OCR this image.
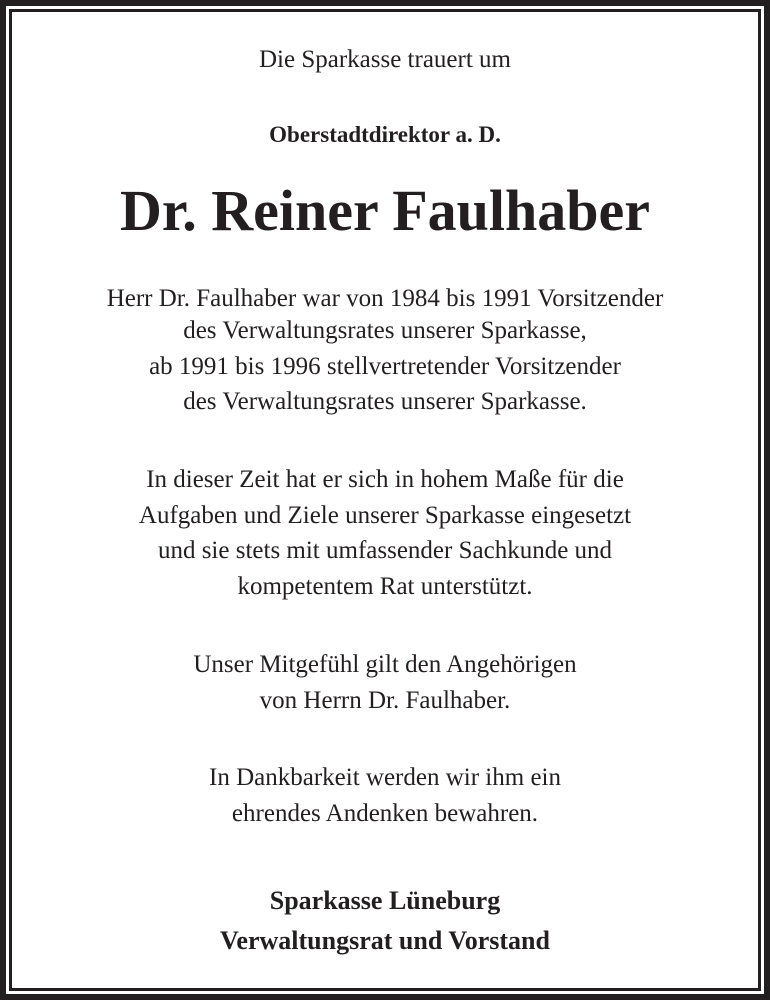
Die Sparkasse trauert um
Oberstadtdirektor a. D.
Dr. Reiner Faulhaber
Herr Dr. Faulhaber war von 1984 bis 1991 Vorsitzender
des Verwaltungsrates unserer Sparkasse,
ab 1991 bis 1996 stellvertretender Vorsitzender
des Verwaltungsrates unserer Sparkasse.
In dieser Zeit hat er sich in hohem Maße für die
Aufgaben und Ziele unserer Sparkasse eingesetzt
und sie stets mit umfassender Sachkunde und
kompetentem Rat unterstützt.
Unser Mitgefühl gilt den Angehörigen
von Herrn Dr. Faulhaber.
In Dankbarkeit werden wir ihm ein
ehrendes Andenken bewahren.
Sparkasse Lüneburg
Verwaltungsrat und Vorstand
